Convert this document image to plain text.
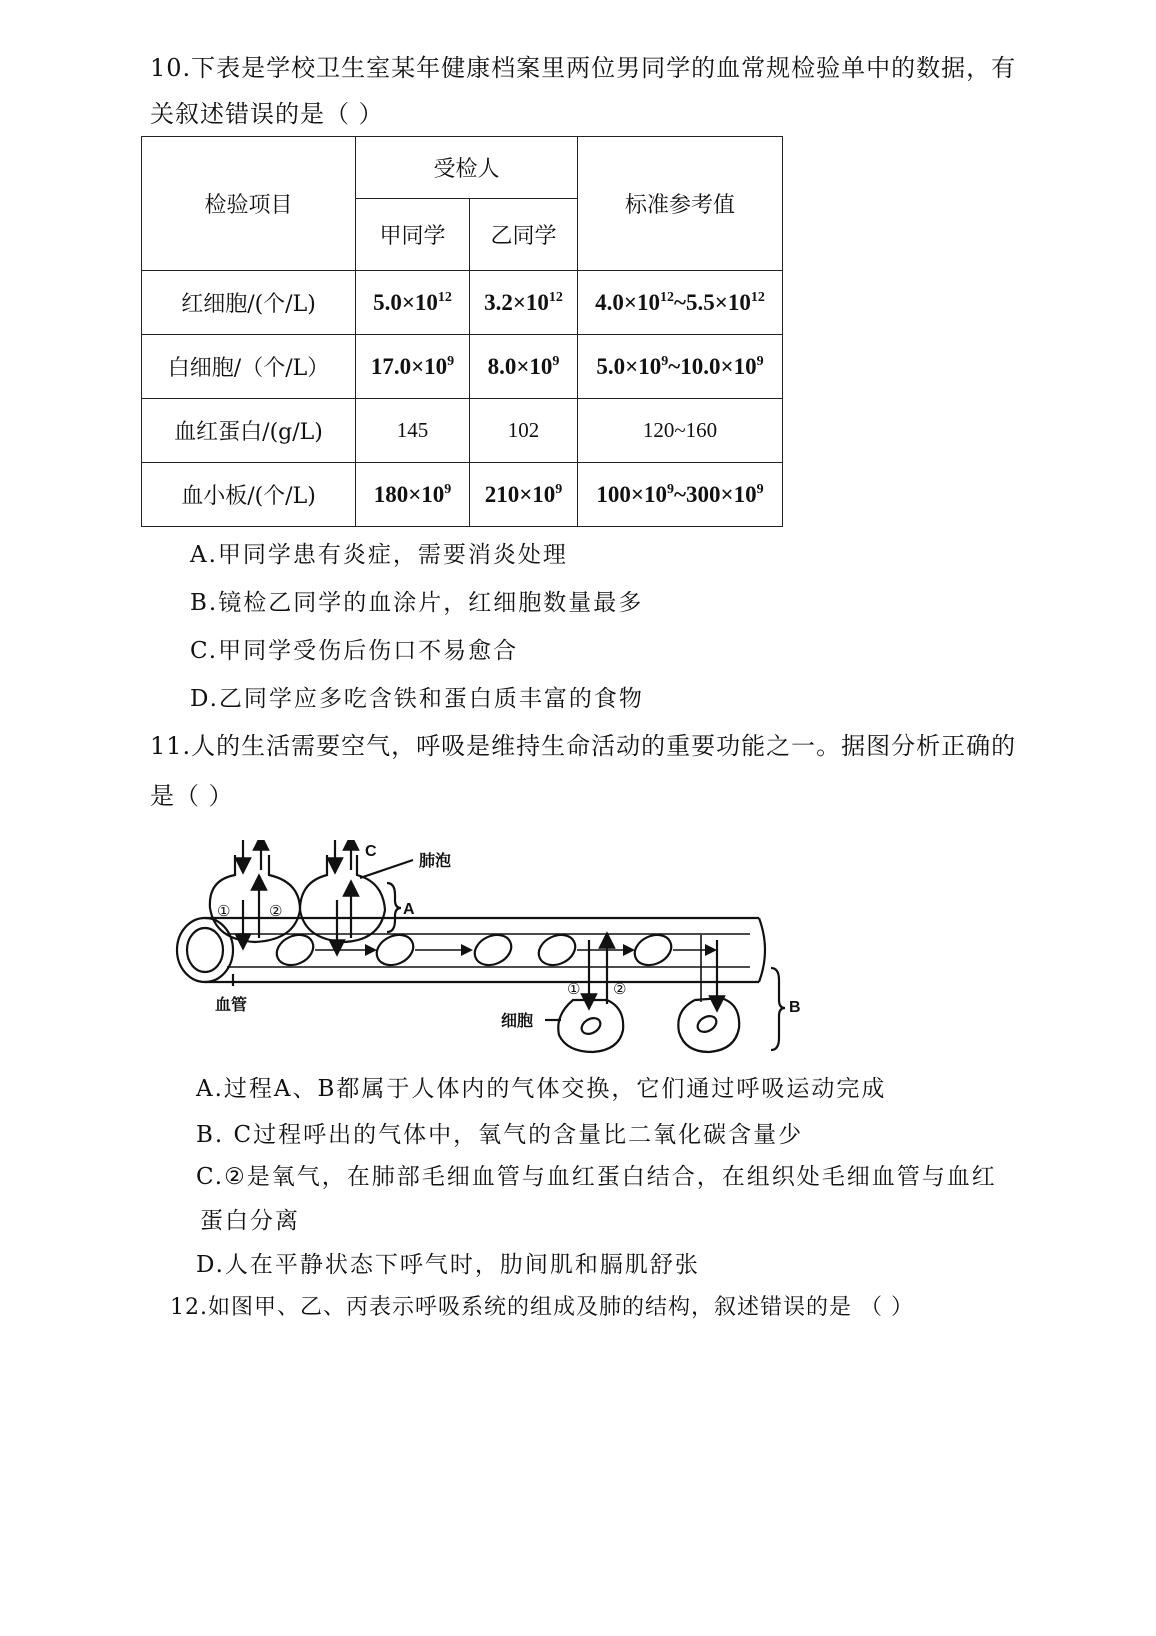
10.下表是学校卫生室某年健康档案里两位男同学的血常规检验单中的数据，有
关叙述错误的是（ ）
检验项目	受检人		标准参考值
	甲同学	乙同学	
红细胞/(个/L)	$5.0\times 10^{12}$	$3.2\times 10^{12}$	$4.0\times 10^{12}\sim 5.5\times 10^{12}$
白细胞/（个/L）	$17.0\times 10^9$	$8.0\times 10^9$	$5.0\times 10^9\sim 10.0\times 10^9$
血红蛋白/(g/L)	145	102	120~160
血小板/(个/L)	$180\times 10^9$	$210\times 10^9$	$100\times 10^9\sim 300\times 10^9$
A.甲同学患有炎症，需要消炎处理
B.镜检乙同学的血涂片，红细胞数量最多
C.甲同学受伤后伤口不易愈合
D.乙同学应多吃含铁和蛋白质丰富的食物
11.人的生活需要空气，呼吸是维持生命活动的重要功能之一。据图分析正确的
是（ ）
C
肺泡
A
血管
细胞
B
①	②
① ②
A.过程A、B都属于人体内的气体交换，它们通过呼吸运动完成
B. C过程呼出的气体中，氧气的含量比二氧化碳含量少
C.②是氧气，在肺部毛细血管与血红蛋白结合，在组织处毛细血管与血红
蛋白分离
D.人在平静状态下呼气时，肋间肌和膈肌舒张
12.如图甲、乙、丙表示呼吸系统的组成及肺的结构，叙述错误的是 （ ）
